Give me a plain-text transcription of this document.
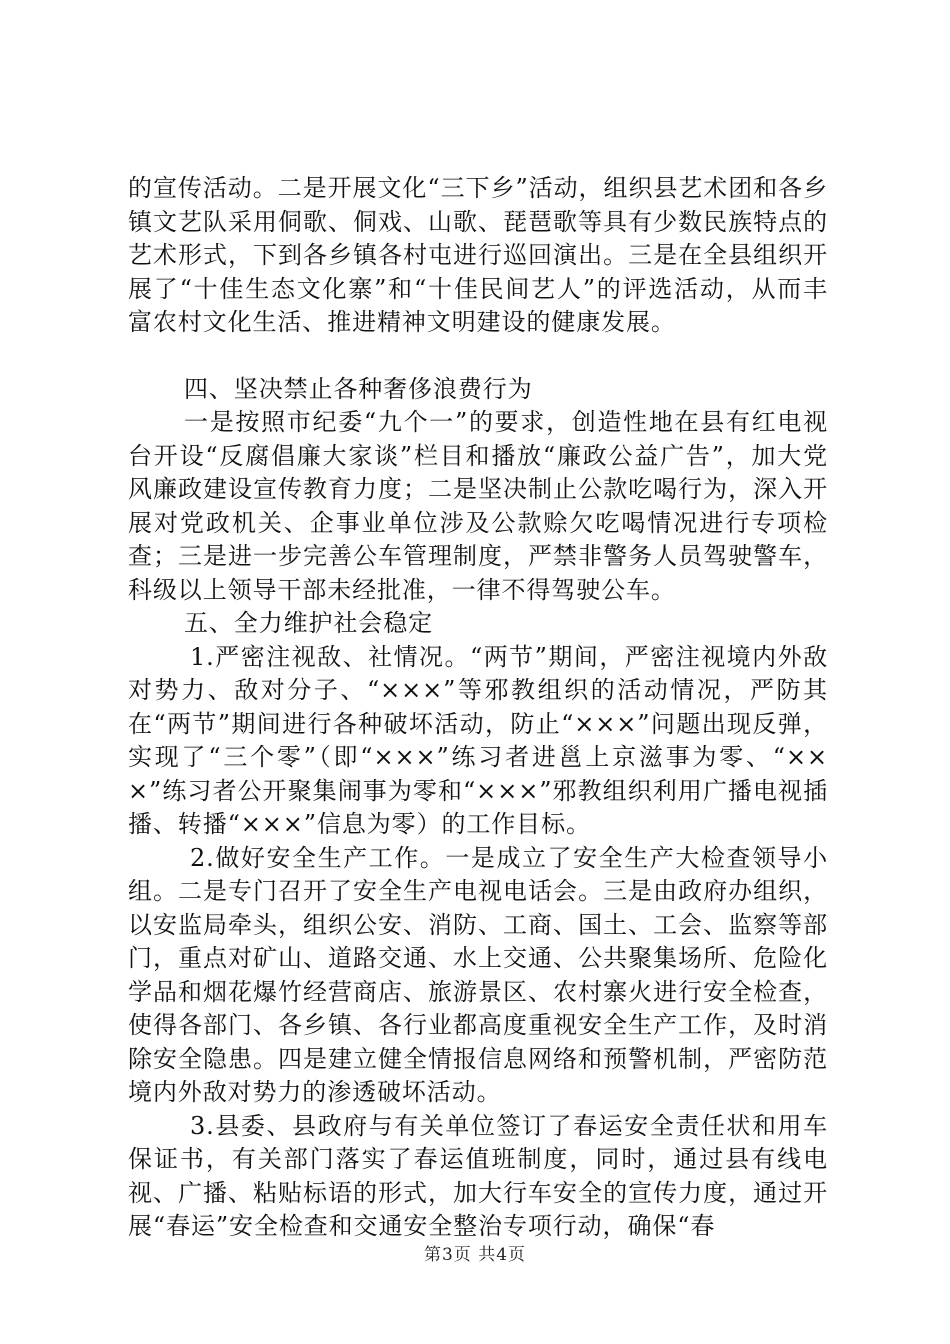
的宣传活动。二是开展文化“三下乡”活动，组织县艺术团和各乡镇文艺队采用侗歌、侗戏、山歌、琵琶歌等具有少数民族特点的艺术形式，下到各乡镇各村屯进行巡回演出。三是在全县组织开展了“十佳生态文化寨”和“十佳民间艺人”的评选活动，从而丰富农村文化生活、推进精神文明建设的健康发展。

四、坚决禁止各种奢侈浪费行为

一是按照市纪委“九个一”的要求，创造性地在县有红电视台开设“反腐倡廉大家谈”栏目和播放“廉政公益广告”，加大党风廉政建设宣传教育力度；二是坚决制止公款吃喝行为，深入开展对党政机关、企事业单位涉及公款赊欠吃喝情况进行专项检查；三是进一步完善公车管理制度，严禁非警务人员驾驶警车，科级以上领导干部未经批准，一律不得驾驶公车。

五、全力维护社会稳定

1.严密注视敌、社情况。“两节”期间，严密注视境内外敌对势力、敌对分子、“×××”等邪教组织的活动情况，严防其在“两节”期间进行各种破坏活动，防止“×××”问题出现反弹，实现了“三个零”（即“×××”练习者进邕上京滋事为零、“×××”练习者公开聚集闹事为零和“×××”邪教组织利用广播电视插播、转播“×××”信息为零）的工作目标。

2.做好安全生产工作。一是成立了安全生产大检查领导小组。二是专门召开了安全生产电视电话会。三是由政府办组织，以安监局牵头，组织公安、消防、工商、国土、工会、监察等部门，重点对矿山、道路交通、水上交通、公共聚集场所、危险化学品和烟花爆竹经营商店、旅游景区、农村寨火进行安全检查，使得各部门、各乡镇、各行业都高度重视安全生产工作，及时消除安全隐患。四是建立健全情报信息网络和预警机制，严密防范境内外敌对势力的渗透破坏活动。

3.县委、县政府与有关单位签订了春运安全责任状和用车保证书，有关部门落实了春运值班制度，同时，通过县有线电视、广播、粘贴标语的形式，加大行车安全的宣传力度，通过开展“春运”安全检查和交通安全整治专项行动，确保“春

第3页 共4页
